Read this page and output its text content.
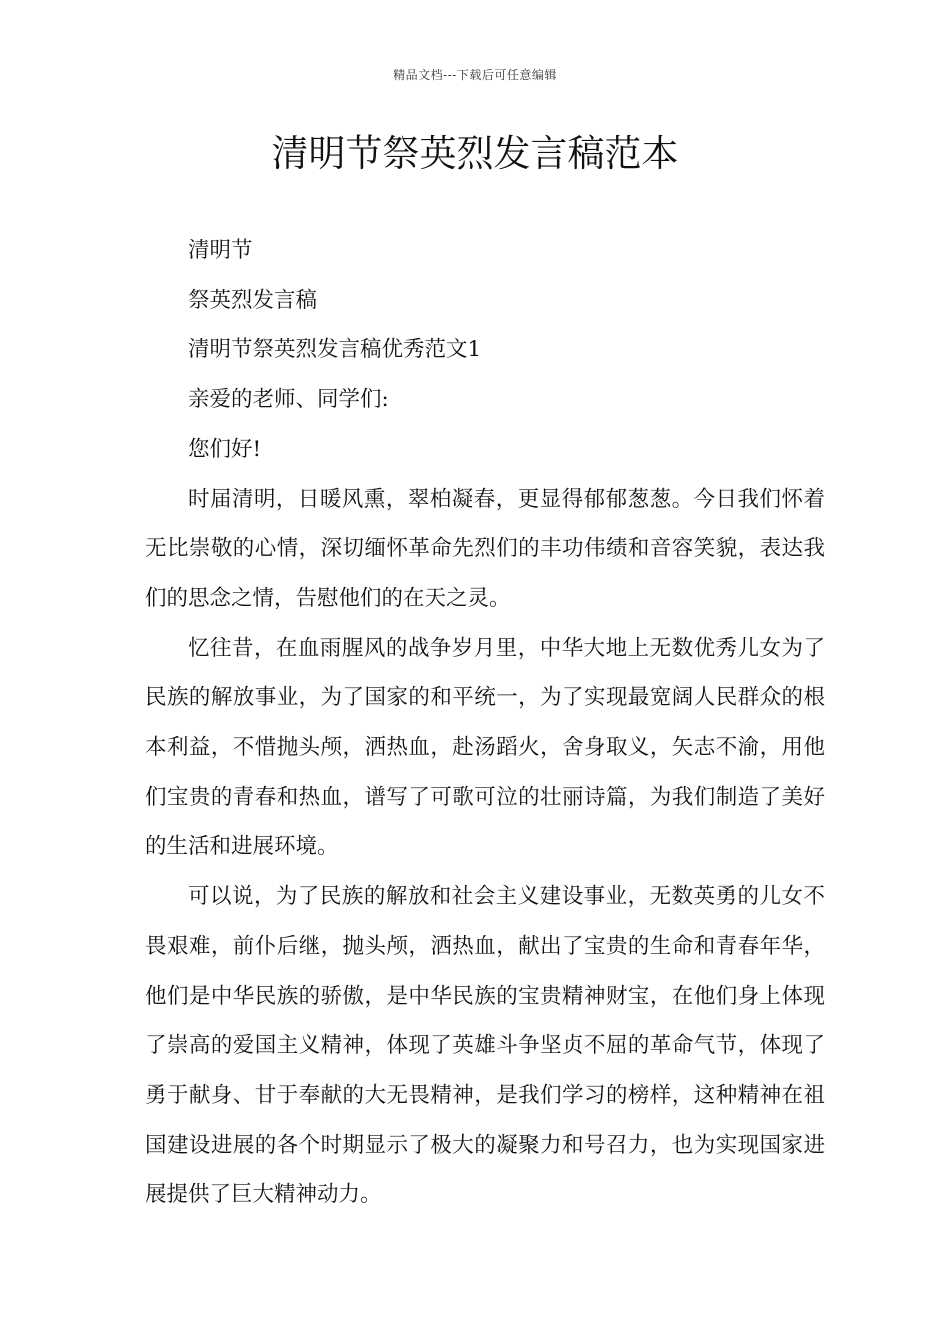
精品文档---下载后可任意编辑
清明节祭英烈发言稿范本

清明节

祭英烈发言稿

清明节祭英烈发言稿优秀范文1

亲爱的老师、同学们:

您们好!

时届清明，日暖风熏，翠柏凝春，更显得郁郁葱葱。今日我们怀着无比崇敬的心情，深切缅怀革命先烈们的丰功伟绩和音容笑貌，表达我们的思念之情，告慰他们的在天之灵。

忆往昔，在血雨腥风的战争岁月里，中华大地上无数优秀儿女为了民族的解放事业，为了国家的和平统一，为了实现最宽阔人民群众的根本利益，不惜抛头颅，洒热血，赴汤蹈火，舍身取义，矢志不渝，用他们宝贵的青春和热血，谱写了可歌可泣的壮丽诗篇，为我们制造了美好的生活和进展环境。

可以说，为了民族的解放和社会主义建设事业，无数英勇的儿女不畏艰难，前仆后继，抛头颅，洒热血，献出了宝贵的生命和青春年华，他们是中华民族的骄傲，是中华民族的宝贵精神财宝，在他们身上体现了崇高的爱国主义精神，体现了英雄斗争坚贞不屈的革命气节，体现了勇于献身、甘于奉献的大无畏精神，是我们学习的榜样，这种精神在祖国建设进展的各个时期显示了极大的凝聚力和号召力，也为实现国家进展提供了巨大精神动力。
